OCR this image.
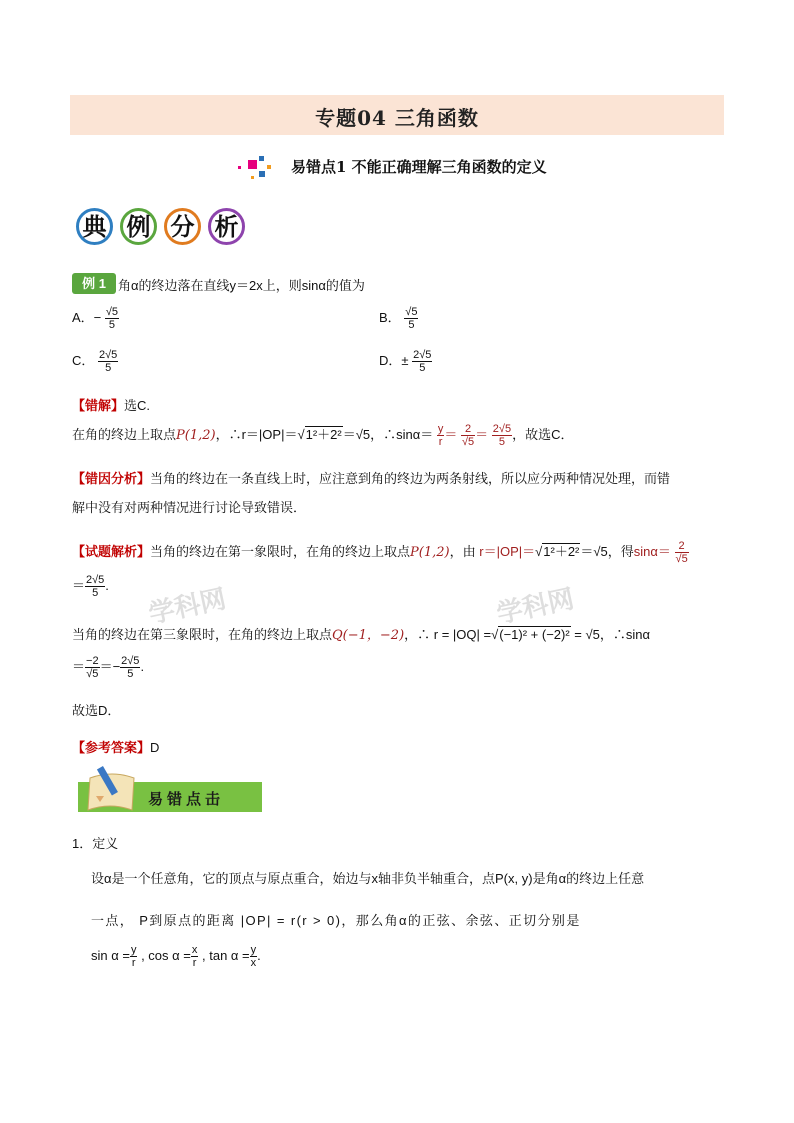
专题04 三角函数
易错点1 不能正确理解三角函数的定义
典 例 分 析
例 1 角α的终边落在直线y＝2x上，则sinα的值为
A．− $\frac{√5}{5}$	B． $\frac{√5}{5}$
C． $\frac{2√5}{5}$	D．± $\frac{2√5}{5}$
【错解】选C.
在角的终边上取点P(1,2)，∴r＝|OP|＝√1²＋2²＝√5，∴sinα＝ $\frac{y}{r} = \frac{2}{√5} = \frac{2√5}{5}$ ，故选C．
【错因分析】当角的终边在一条直线上时，应注意到角的终边为两条射线，所以应分两种情况处理，而错
解中没有对两种情况进行讨论导致错误．
【试题解析】当角的终边在第一象限时，在角的终边上取点P(1,2)，由 r＝|OP|＝√1²＋2²＝√5，得$\sin\alpha= \frac{2}{√5}$
＝ $\frac{2√5}{5}$ .
当角的终边在第三象限时，在角的终边上取点Q(−1，−2)，∴ r = |OQ| =√(−1)² + (−2)² = √5，∴sinα
＝ $\frac{-2}{√5} =- \frac{2√5}{5}$ .
故选D．
【参考答案】D
学科网	学科网
易错点击
1．定义
设α是一个任意角，它的顶点与原点重合，始边与x轴非负半轴重合，点P(x, y)是角α的终边上任意
一点， P到原点的距离 |OP| = r(r > 0)，那么角α的正弦、余弦、正切分别是
$\sin \alpha = \frac{y}{r}$ , $\cos \alpha = \frac{x}{r}$ , $\tan \alpha = \frac{y}{x}$ .
